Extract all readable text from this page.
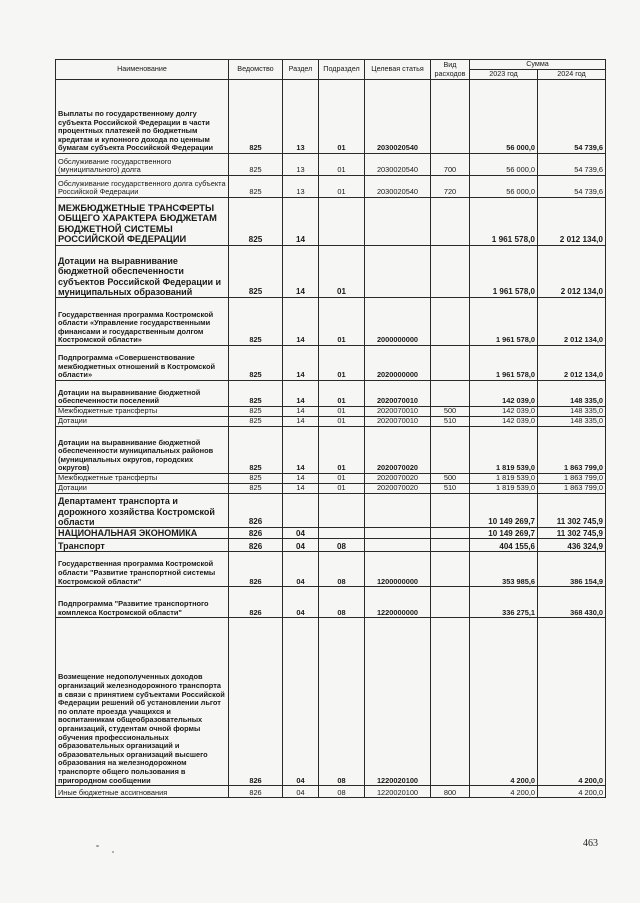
Наименование	Ведомство	Раздел	Подраздел	Целевая статья	Вид расходов	Сумма	
						2023 год	2024 год
Выплаты по государственному долгу субъекта Российской Федерации в части процентных платежей по бюджетным кредитам и купонного дохода по ценным бумагам субъекта Российской Федерации	825	13	01	2030020540		56 000,0	54 739,6
Обслуживание государственного (муниципального) долга	825	13	01	2030020540	700	56 000,0	54 739,6
Обслуживание государственного долга субъекта Российской Федерации	825	13	01	2030020540	720	56 000,0	54 739,6
МЕЖБЮДЖЕТНЫЕ ТРАНСФЕРТЫ ОБЩЕГО ХАРАКТЕРА БЮДЖЕТАМ БЮДЖЕТНОЙ СИСТЕМЫ РОССИЙСКОЙ ФЕДЕРАЦИИ	825	14				1 961 578,0	2 012 134,0
Дотации на выравнивание бюджетной обеспеченности субъектов Российской Федерации и муниципальных образований	825	14	01			1 961 578,0	2 012 134,0
Государственная программа Костромской области «Управление государственными финансами и государственным долгом Костромской области»	825	14	01	2000000000		1 961 578,0	2 012 134,0
Подпрограмма «Совершенствование межбюджетных отношений в Костромской области»	825	14	01	2020000000		1 961 578,0	2 012 134,0
Дотации на выравнивание бюджетной обеспеченности поселений	825	14	01	2020070010		142 039,0	148 335,0
Межбюджетные трансферты	825	14	01	2020070010	500	142 039,0	148 335,0
Дотации	825	14	01	2020070010	510	142 039,0	148 335,0
Дотации на выравнивание бюджетной обеспеченности муниципальных районов (муниципальных округов, городских округов)	825	14	01	2020070020		1 819 539,0	1 863 799,0
Межбюджетные трансферты	825	14	01	2020070020	500	1 819 539,0	1 863 799,0
Дотации	825	14	01	2020070020	510	1 819 539,0	1 863 799,0
Департамент транспорта и дорожного хозяйства Костромской области	826					10 149 269,7	11 302 745,9
НАЦИОНАЛЬНАЯ ЭКОНОМИКА	826	04				10 149 269,7	11 302 745,9
Транспорт	826	04	08			404 155,6	436 324,9
Государственная программа Костромской области "Развитие транспортной системы Костромской области"	826	04	08	1200000000		353 985,6	386 154,9
Подпрограмма "Развитие транспортного комплекса Костромской области"	826	04	08	1220000000		336 275,1	368 430,0
Возмещение недополученных доходов организаций железнодорожного транспорта в связи с принятием субъектами Российской Федерации решений об установлении льгот по оплате проезда учащихся и воспитанникам общеобразовательных организаций, студентам очной формы обучения профессиональных образовательных организаций и образовательных организаций высшего образования на железнодорожном транспорте общего пользования в пригородном сообщении	826	04	08	1220020100		4 200,0	4 200,0
Иные бюджетные ассигнования	826	04	08	1220020100	800	4 200,0	4 200,0
463
